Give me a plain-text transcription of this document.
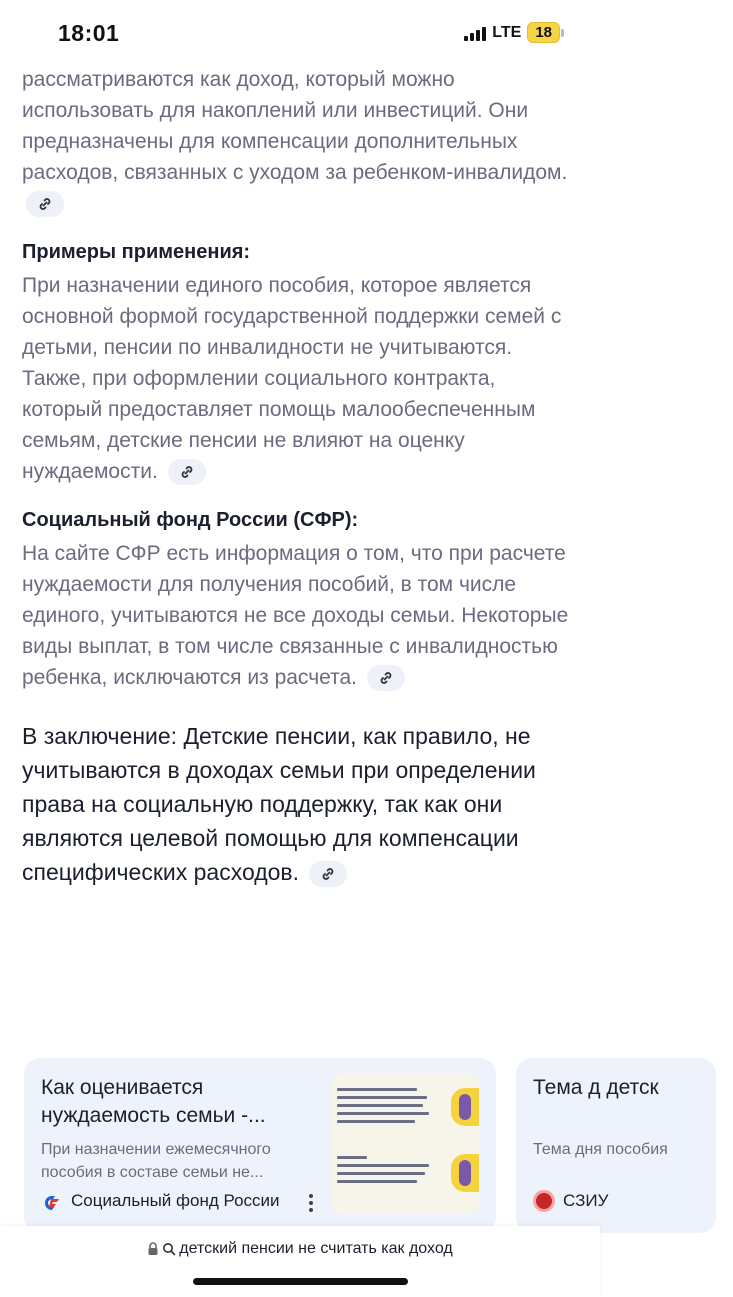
18:01	LTE 18

рассматриваются как доход, который можно использовать для накоплений или инвестиций. Они предназначены для компенсации дополнительных расходов, связанных с уходом за ребенком-инвалидом.

Примеры применения:

При назначении единого пособия, которое является основной формой государственной поддержки семей с детьми, пенсии по инвалидности не учитываются. Также, при оформлении социального контракта, который предоставляет помощь малообеспеченным семьям, детские пенсии не влияют на оценку нуждаемости.

Социальный фонд России (СФР):

На сайте СФР есть информация о том, что при расчете нуждаемости для получения пособий, в том числе единого, учитываются не все доходы семьи. Некоторые виды выплат, в том числе связанные с инвалидностью ребенка, исключаются из расчета.

В заключение: Детские пенсии, как правило, не учитываются в доходах семьи при определении права на социальную поддержку, так как они являются целевой помощью для компенсации специфических расходов.

Как оценивается нуждаемость семьи -...
При назначении ежемесячного пособия в составе семьи не...
Социальный фонд России
Тема д детск
Тема дня пособия
СЗИУ
детский пенсии не считать как доход
